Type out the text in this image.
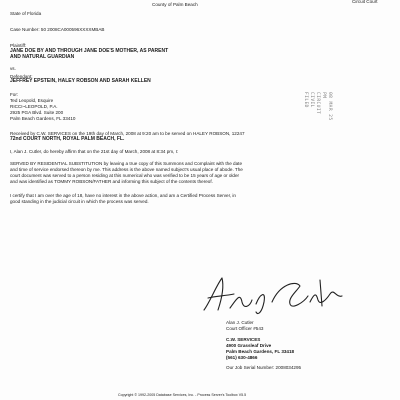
County of Palm Beach
Circuit Court
State of Florida
Case Number: 50 2008CA000596XXXXMBAB
Plaintiff:
JANE DOE BY AND THROUGH JANE DOE'S MOTHER, AS PARENT
AND NATURAL GUARDIAN
vs.
Defendant:
JEFFREY EPSTEIN, HALEY ROBSON AND SARAH KELLEN
For:
Ted Leopold, Esquire
RICCI~LEOPOLD, P.A.
2925 PGA Blvd. Suite 200
Palm Beach Gardens, FL 33410	08 MAR 25 PM
CIRCUIT CIVIL
FILED
Received by C.W. SERVICES on the 19th day of March, 2008 at 9:20 am to be served on HALEY ROBSON, 12247
72nd COURT NORTH, ROYAL PALM BEACH, FL.
I, Alan J. Cutler, do hereby affirm that on the 21st day of March, 2008 at 8:34 pm, I:
SERVED BY RESIDENTIAL SUBSTITUTION by leaving a true copy of this Summons and Complaint with the date
and time of service endorsed thereon by me. This address is the above named subject's usual place of abode. The
court document was served to a person residing at this numerical who was verified to be 15 years of age or older
and was identified as TOMMY ROBSON/FATHER and informing this subject of the contents thereof.
I certify that I am over the age of 18, have no interest in the above action, and am a Certified Process Server, in
good standing in the judicial circuit in which the process was served.
Alan J. Cutler
Court Officer #543
C.W. SERVICES
4900 Grassleaf Drive
Palm Beach Gardens, FL 33418
(561) 630-4866
Our Job Serial Number: 2008034295
Copyright © 1992-2005 Database Services, Inc. - Process Server's Toolbox V5.5
